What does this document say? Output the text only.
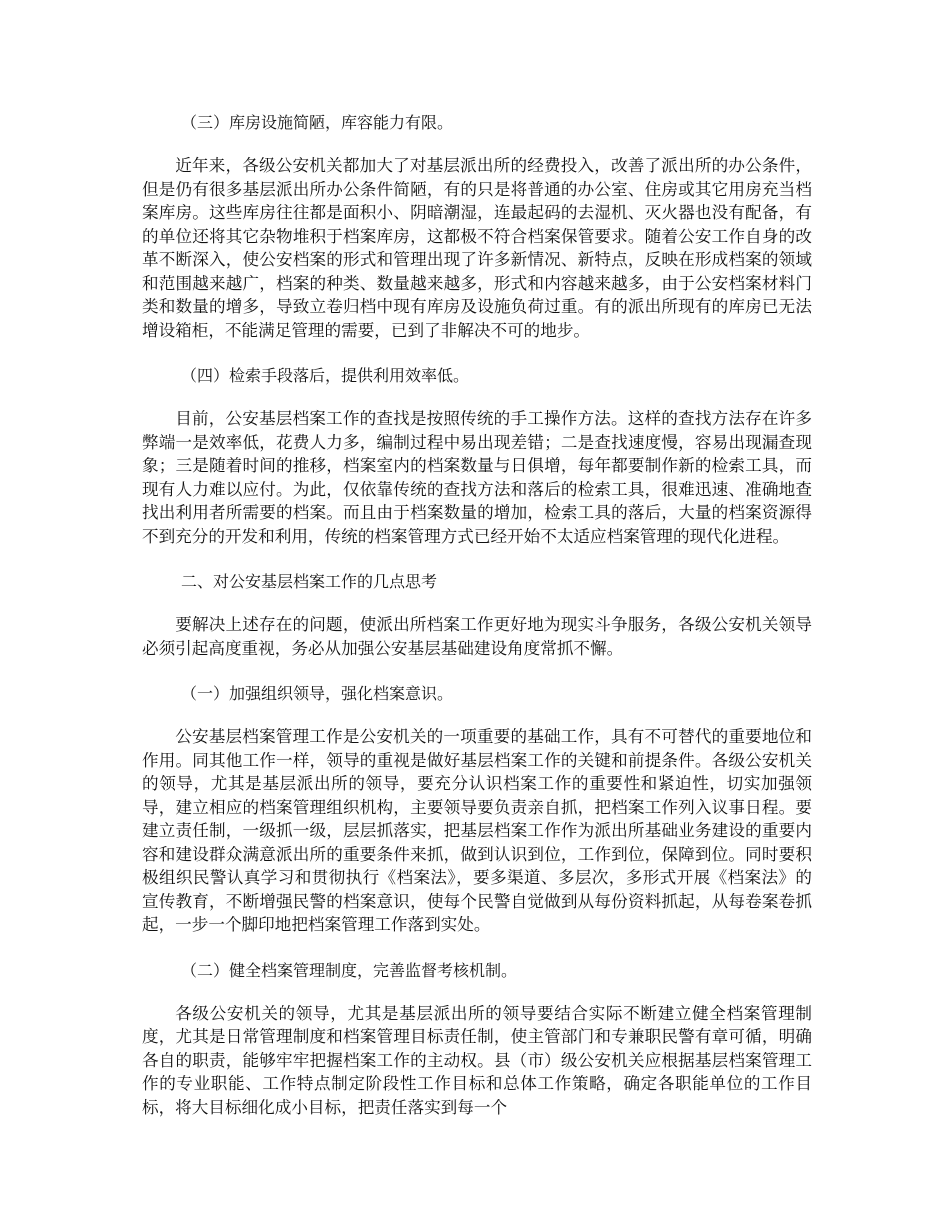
（三）库房设施简陋，库容能力有限。

近年来，各级公安机关都加大了对基层派出所的经费投入，改善了派出所的办公条件，但是仍有很多基层派出所办公条件简陋，有的只是将普通的办公室、住房或其它用房充当档案库房。这些库房往往都是面积小、阴暗潮湿，连最起码的去湿机、灭火器也没有配备，有的单位还将其它杂物堆积于档案库房，这都极不符合档案保管要求。随着公安工作自身的改革不断深入，使公安档案的形式和管理出现了许多新情况、新特点，反映在形成档案的领域和范围越来越广，档案的种类、数量越来越多，形式和内容越来越多，由于公安档案材料门类和数量的增多，导致立卷归档中现有库房及设施负荷过重。有的派出所现有的库房已无法增设箱柜，不能满足管理的需要，已到了非解决不可的地步。

（四）检索手段落后，提供利用效率低。

目前，公安基层档案工作的查找是按照传统的手工操作方法。这样的查找方法存在许多弊端一是效率低，花费人力多，编制过程中易出现差错；二是查找速度慢，容易出现漏查现象；三是随着时间的推移，档案室内的档案数量与日俱增，每年都要制作新的检索工具，而现有人力难以应付。为此，仅依靠传统的查找方法和落后的检索工具，很难迅速、准确地查找出利用者所需要的档案。而且由于档案数量的增加，检索工具的落后，大量的档案资源得不到充分的开发和利用，传统的档案管理方式已经开始不太适应档案管理的现代化进程。

二、对公安基层档案工作的几点思考

要解决上述存在的问题，使派出所档案工作更好地为现实斗争服务，各级公安机关领导必须引起高度重视，务必从加强公安基层基础建设角度常抓不懈。

（一）加强组织领导，强化档案意识。

公安基层档案管理工作是公安机关的一项重要的基础工作，具有不可替代的重要地位和作用。同其他工作一样，领导的重视是做好基层档案工作的关键和前提条件。各级公安机关的领导，尤其是基层派出所的领导，要充分认识档案工作的重要性和紧迫性，切实加强领导，建立相应的档案管理组织机构，主要领导要负责亲自抓，把档案工作列入议事日程。要建立责任制，一级抓一级，层层抓落实，把基层档案工作作为派出所基础业务建设的重要内容和建设群众满意派出所的重要条件来抓，做到认识到位，工作到位，保障到位。同时要积极组织民警认真学习和贯彻执行《档案法》，要多渠道、多层次，多形式开展《档案法》的宣传教育，不断增强民警的档案意识，使每个民警自觉做到从每份资料抓起，从每卷案卷抓起，一步一个脚印地把档案管理工作落到实处。

（二）健全档案管理制度，完善监督考核机制。

各级公安机关的领导，尤其是基层派出所的领导要结合实际不断建立健全档案管理制度，尤其是日常管理制度和档案管理目标责任制，使主管部门和专兼职民警有章可循，明确各自的职责，能够牢牢把握档案工作的主动权。县（市）级公安机关应根据基层档案管理工作的专业职能、工作特点制定阶段性工作目标和总体工作策略，确定各职能单位的工作目标，将大目标细化成小目标，把责任落实到每一个
